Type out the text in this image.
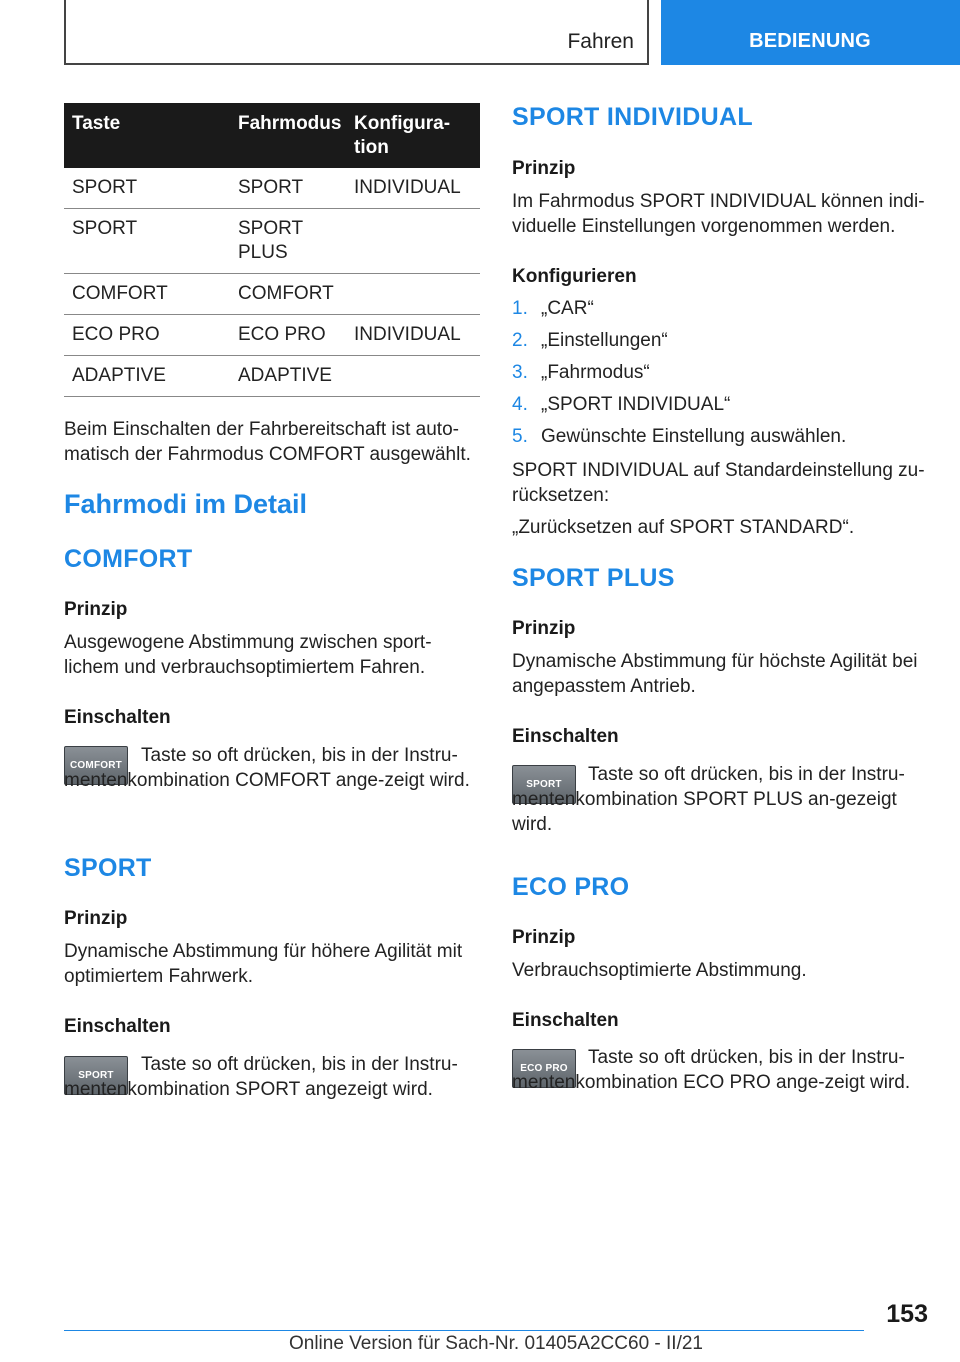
Fahren	BEDIENUNG
Taste	Fahrmodus	Konfigura‐tion
SPORT	SPORT	INDIVIDUAL
SPORT	SPORT PLUS	
COMFORT	COMFORT	
ECO PRO	ECO PRO	INDIVIDUAL
ADAPTIVE	ADAPTIVE	
Beim Einschalten der Fahrbereitschaft ist auto‐matisch der Fahrmodus COMFORT ausgewählt.
Fahrmodi im Detail
COMFORT
Prinzip
Ausgewogene Abstimmung zwischen sport‐lichem und verbrauchsoptimiertem Fahren.
Einschalten
COMFORT	Taste so oft drücken, bis in der Instru‐mentenkombination COMFORT ange‐zeigt wird.
SPORT
Prinzip
Dynamische Abstimmung für höhere Agilität mit optimiertem Fahrwerk.
Einschalten
SPORT
Taste so oft drücken, bis in der Instru‐mentenkombination SPORT angezeigt wird.
SPORT INDIVIDUAL
Prinzip
Im Fahrmodus SPORT INDIVIDUAL können indi‐viduelle Einstellungen vorgenommen werden.
Konfigurieren
1. „CAR“
2. „Einstellungen“
3. „Fahrmodus“
4. „SPORT INDIVIDUAL“
5. Gewünschte Einstellung auswählen.
SPORT INDIVIDUAL auf Standardeinstellung zu‐rücksetzen:
„Zurücksetzen auf SPORT STANDARD“.
SPORT PLUS
Prinzip
Dynamische Abstimmung für höchste Agilität bei angepasstem Antrieb.
Einschalten
SPORT	Taste so oft drücken, bis in der Instru‐mentenkombination SPORT PLUS an‐gezeigt wird.
ECO PRO
Prinzip
Verbrauchsoptimierte Abstimmung.
Einschalten
ECO PRO
Taste so oft drücken, bis in der Instru‐mentenkombination ECO PRO ange‐zeigt wird.
153
Online Version für Sach-Nr. 01405A2CC60 - II/21
